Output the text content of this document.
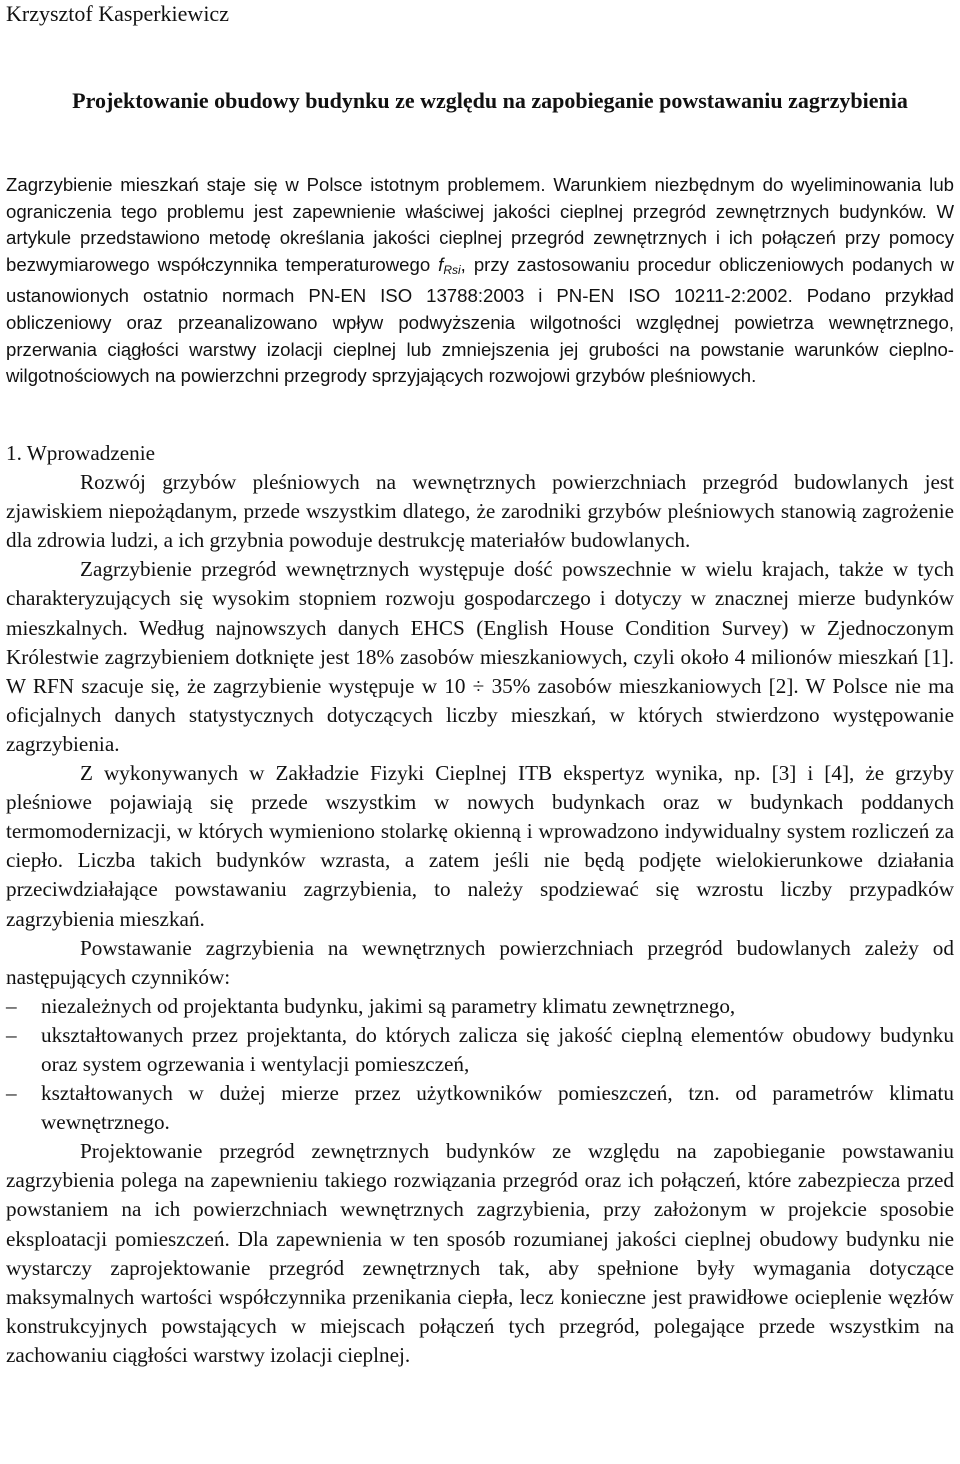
Krzysztof Kasperkiewicz
Projektowanie obudowy budynku ze względu na zapobieganie powstawaniu zagrzybienia
Zagrzybienie mieszkań staje się w Polsce istotnym problemem. Warunkiem niezbędnym do wyeliminowania lub ograniczenia tego problemu jest zapewnienie właściwej jakości cieplnej przegród zewnętrznych budynków. W artykule przedstawiono metodę określania jakości cieplnej przegród zewnętrznych i ich połączeń przy pomocy bezwymiarowego współczynnika temperaturowego $f_{Rsi}$, przy zastosowaniu procedur obliczeniowych podanych w ustanowionych ostatnio normach PN-EN ISO 13788:2003 i PN-EN ISO 10211-2:2002. Podano przykład obliczeniowy oraz przeanalizowano wpływ podwyższenia wilgotności względnej powietrza wewnętrznego, przerwania ciągłości warstwy izolacji cieplnej lub zmniejszenia jej grubości na powstanie warunków cieplno-wilgotnościowych na powierzchni przegrody sprzyjających rozwojowi grzybów pleśniowych.

1. Wprowadzenie

Rozwój grzybów pleśniowych na wewnętrznych powierzchniach przegród budowlanych jest zjawiskiem niepożądanym, przede wszystkim dlatego, że zarodniki grzybów pleśniowych stanowią zagrożenie dla zdrowia ludzi, a ich grzybnia powoduje destrukcję materiałów budowlanych.

Zagrzybienie przegród wewnętrznych występuje dość powszechnie w wielu krajach, także w tych charakteryzujących się wysokim stopniem rozwoju gospodarczego i dotyczy w znacznej mierze budynków mieszkalnych. Według najnowszych danych EHCS (English House Condition Survey) w Zjednoczonym Królestwie zagrzybieniem dotknięte jest 18% zasobów mieszkaniowych, czyli około 4 milionów mieszkań [1]. W RFN szacuje się, że zagrzybienie występuje w 10 ÷ 35% zasobów mieszkaniowych [2]. W Polsce nie ma oficjalnych danych statystycznych dotyczących liczby mieszkań, w których stwierdzono występowanie zagrzybienia.

Z wykonywanych w Zakładzie Fizyki Cieplnej ITB ekspertyz wynika, np. [3] i [4], że grzyby pleśniowe pojawiają się przede wszystkim w nowych budynkach oraz w budynkach poddanych termomodernizacji, w których wymieniono stolarkę okienną i wprowadzono indywidualny system rozliczeń za ciepło. Liczba takich budynków wzrasta, a zatem jeśli nie będą podjęte wielokierunkowe działania przeciwdziałające powstawaniu zagrzybienia, to należy spodziewać się wzrostu liczby przypadków zagrzybienia mieszkań.

Powstawanie zagrzybienia na wewnętrznych powierzchniach przegród budowlanych zależy od następujących czynników:

– niezależnych od projektanta budynku, jakimi są parametry klimatu zewnętrznego,
– ukształtowanych przez projektanta, do których zalicza się jakość cieplną elementów obudowy budynku oraz system ogrzewania i wentylacji pomieszczeń,
– kształtowanych w dużej mierze przez użytkowników pomieszczeń, tzn. od parametrów klimatu wewnętrznego.

Projektowanie przegród zewnętrznych budynków ze względu na zapobieganie powstawaniu zagrzybienia polega na zapewnieniu takiego rozwiązania przegród oraz ich połączeń, które zabezpiecza przed powstaniem na ich powierzchniach wewnętrznych zagrzybienia, przy założonym w projekcie sposobie eksploatacji pomieszczeń. Dla zapewnienia w ten sposób rozumianej jakości cieplnej obudowy budynku nie wystarczy zaprojektowanie przegród zewnętrznych tak, aby spełnione były wymagania dotyczące maksymalnych wartości współczynnika przenikania ciepła, lecz konieczne jest prawidłowe ocieplenie węzłów konstrukcyjnych powstających w miejscach połączeń tych przegród, polegające przede wszystkim na zachowaniu ciągłości warstwy izolacji cieplnej.
